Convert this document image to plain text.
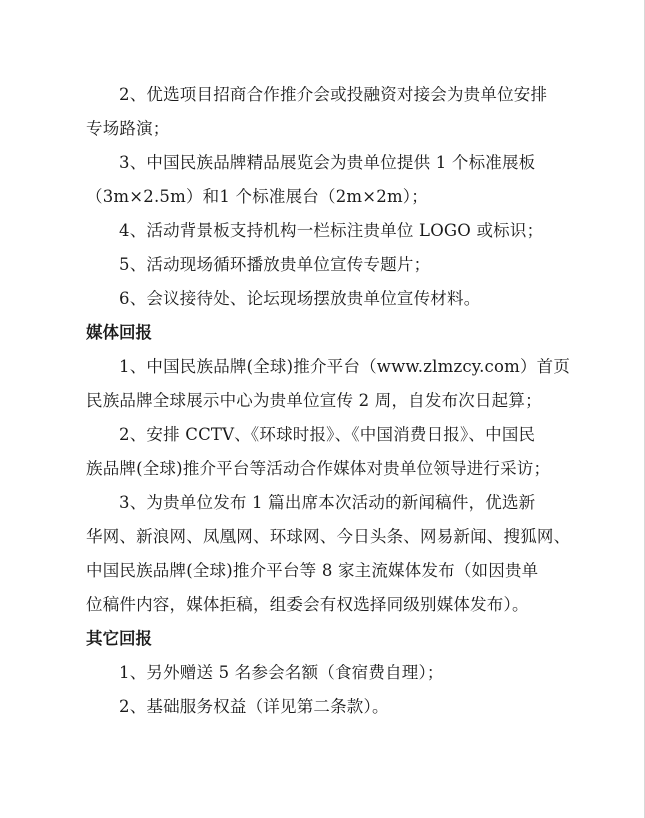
2、优选项目招商合作推介会或投融资对接会为贵单位安排
专场路演；
3、中国民族品牌精品展览会为贵单位提供 1 个标准展板
（3m×2.5m）和1 个标准展台（2m×2m）；
4、活动背景板支持机构一栏标注贵单位 LOGO 或标识；
5、活动现场循环播放贵单位宣传专题片；
6、会议接待处、论坛现场摆放贵单位宣传材料。
媒体回报
1、中国民族品牌(全球)推介平台（www.zlmzcy.com）首页
民族品牌全球展示中心为贵单位宣传 2 周，自发布次日起算；
2、安排 CCTV、《环球时报》、《中国消费日报》、中国民
族品牌(全球)推介平台等活动合作媒体对贵单位领导进行采访；
3、为贵单位发布 1 篇出席本次活动的新闻稿件，优选新
华网、新浪网、凤凰网、环球网、今日头条、网易新闻、搜狐网、
中国民族品牌(全球)推介平台等 8 家主流媒体发布（如因贵单
位稿件内容，媒体拒稿，组委会有权选择同级别媒体发布）。
其它回报
1、另外赠送 5 名参会名额（食宿费自理）；
2、基础服务权益（详见第二条款）。
